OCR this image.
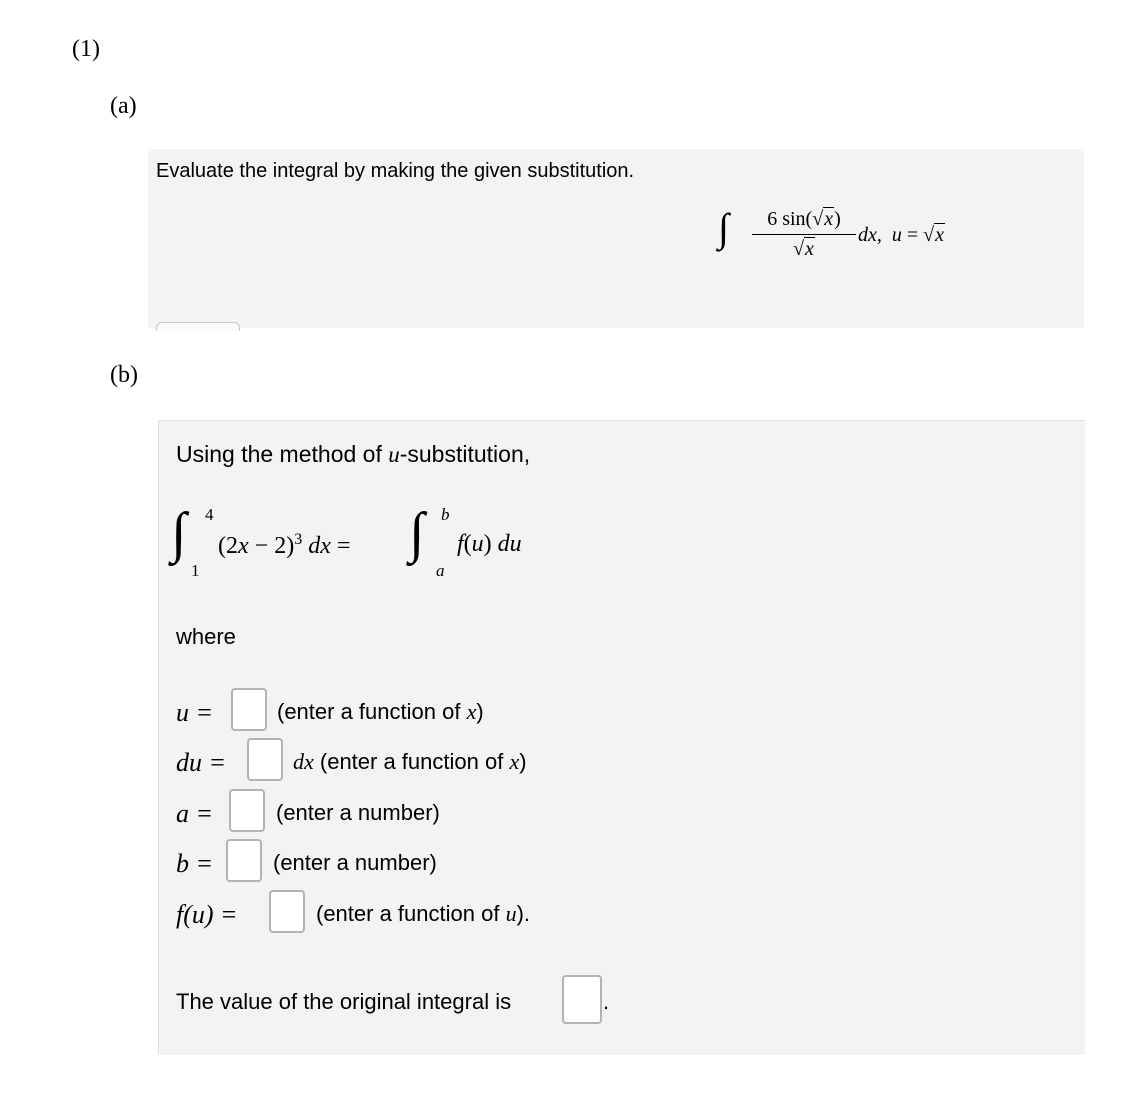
(1)
(a)
Evaluate the integral by making the given substitution.
∫	6 sin(√x)
√x
dx, u = √x
(b)
Using the method of u-substitution,
∫ 4
1
$(2x - 2)^3$ dx = ∫ b
a
f(u) du
where
u =	(enter a function of x)
du =	dx (enter a function of x)
a =	(enter a number)
b =	(enter a number)
f(u) =	(enter a function of u).
The value of the original integral is	.
